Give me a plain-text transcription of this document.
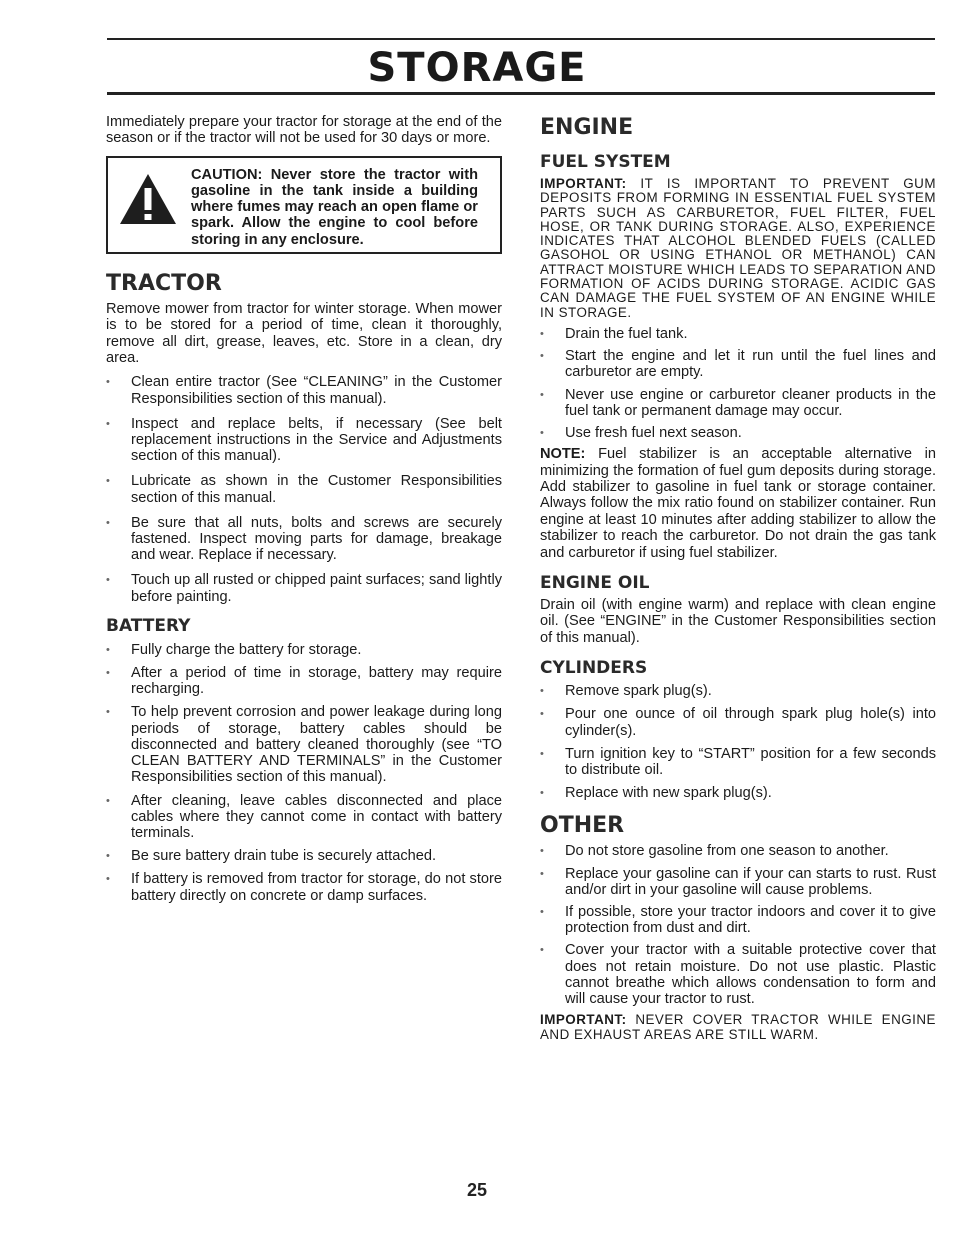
STORAGE

Immediately prepare your tractor for storage at the end of the season or if the tractor will not be used for 30 days or more.

CAUTION: Never store the tractor with gasoline in the tank inside a building where fumes may reach an open flame or spark. Allow the engine to cool before storing in any enclosure.
TRACTOR

Remove mower from tractor for winter storage. When mower is to be stored for a period of time, clean it thoroughly, remove all dirt, grease, leaves, etc. Store in a clean, dry area.

• Clean entire tractor (See “CLEANING” in the Customer Responsibilities section of this manual).
• Inspect and replace belts, if necessary (See belt replacement instructions in the Service and Adjustments section of this manual).
• Lubricate as shown in the Customer Responsibilities section of this manual.
• Be sure that all nuts, bolts and screws are securely fastened. Inspect moving parts for damage, breakage and wear. Replace if necessary.
• Touch up all rusted or chipped paint surfaces; sand lightly before painting.
BATTERY
• Fully charge the battery for storage.
• After a period of time in storage, battery may require recharging.
• To help prevent corrosion and power leakage during long periods of storage, battery cables should be disconnected and battery cleaned thoroughly (see “TO CLEAN BATTERY AND TERMINALS” in the Customer Responsibilities section of this manual).
• After cleaning, leave cables disconnected and place cables where they cannot come in contact with battery terminals.
• Be sure battery drain tube is securely attached.
• If battery is removed from tractor for storage, do not store battery directly on concrete or damp surfaces.
ENGINE
FUEL SYSTEM

IMPORTANT: IT IS IMPORTANT TO PREVENT GUM DEPOSITS FROM FORMING IN ESSENTIAL FUEL SYSTEM PARTS SUCH AS CARBURETOR, FUEL FILTER, FUEL HOSE, OR TANK DURING STORAGE. ALSO, EXPERIENCE INDICATES THAT ALCOHOL BLENDED FUELS (CALLED GASOHOL OR USING ETHANOL OR METHANOL) CAN ATTRACT MOISTURE WHICH LEADS TO SEPARATION AND FORMATION OF ACIDS DURING STORAGE. ACIDIC GAS CAN DAMAGE THE FUEL SYSTEM OF AN ENGINE WHILE IN STORAGE.

• Drain the fuel tank.
• Start the engine and let it run until the fuel lines and carburetor are empty.
• Never use engine or carburetor cleaner products in the fuel tank or permanent damage may occur.
• Use fresh fuel next season.

NOTE: Fuel stabilizer is an acceptable alternative in minimizing the formation of fuel gum deposits during storage. Add stabilizer to gasoline in fuel tank or storage container. Always follow the mix ratio found on stabilizer container. Run engine at least 10 minutes after adding stabilizer to allow the stabilizer to reach the carburetor. Do not drain the gas tank and carburetor if using fuel stabilizer.

ENGINE OIL

Drain oil (with engine warm) and replace with clean engine oil. (See “ENGINE” in the Customer Responsibilities section of this manual).

CYLINDERS
• Remove spark plug(s).
• Pour one ounce of oil through spark plug hole(s) into cylinder(s).
• Turn ignition key to “START” position for a few seconds to distribute oil.
• Replace with new spark plug(s).
OTHER
• Do not store gasoline from one season to another.
• Replace your gasoline can if your can starts to rust. Rust and/or dirt in your gasoline will cause problems.
• If possible, store your tractor indoors and cover it to give protection from dust and dirt.
• Cover your tractor with a suitable protective cover that does not retain moisture. Do not use plastic. Plastic cannot breathe which allows condensation to form and will cause your tractor to rust.

IMPORTANT: NEVER COVER TRACTOR WHILE ENGINE AND EXHAUST AREAS ARE STILL WARM.

25
